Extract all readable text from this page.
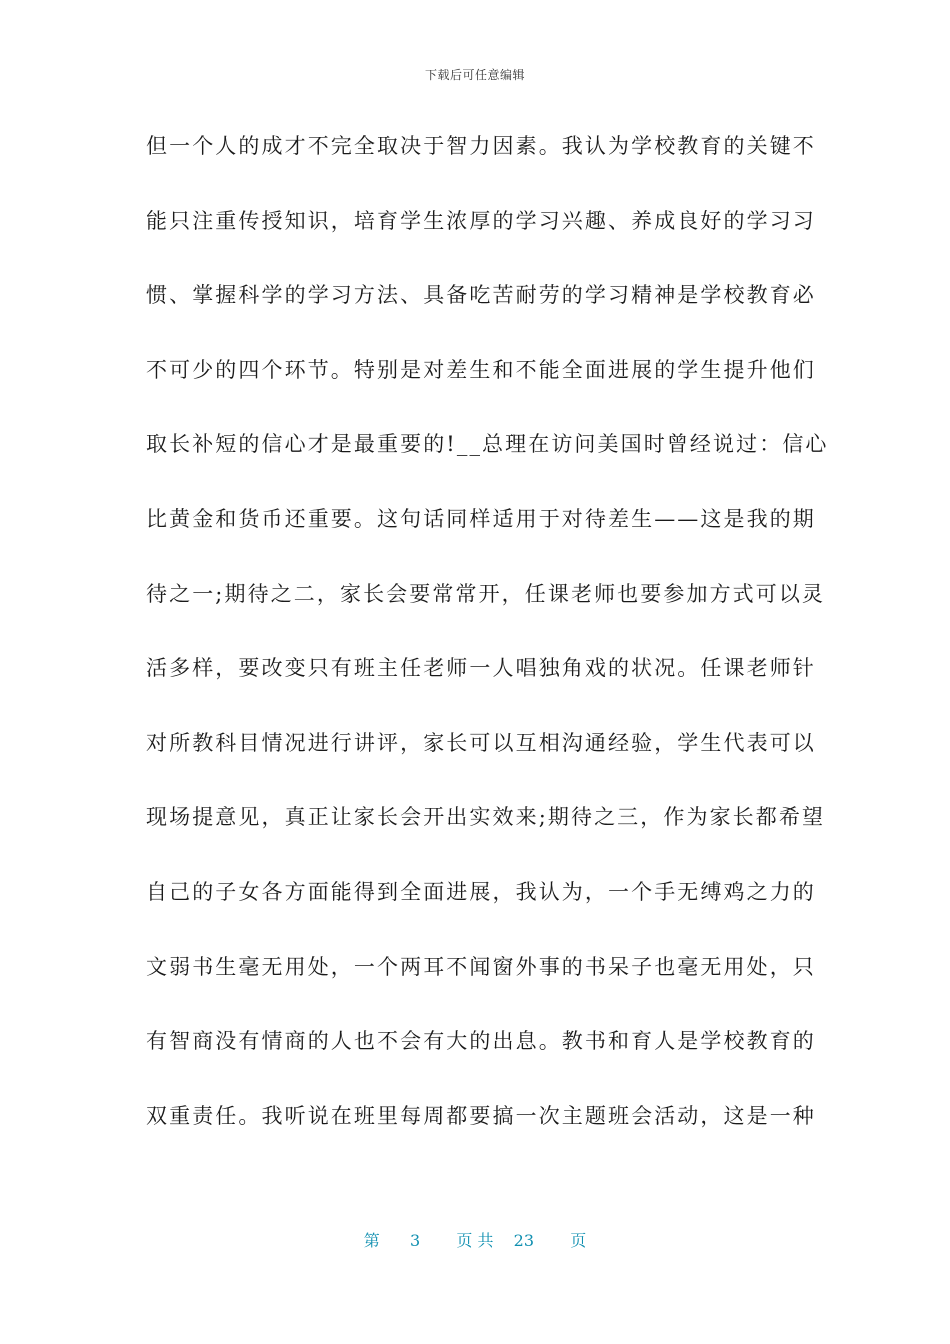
下载后可任意编辑
但一个人的成才不完全取决于智力因素。我认为学校教育的关键不
能只注重传授知识，培育学生浓厚的学习兴趣、养成良好的学习习
惯、掌握科学的学习方法、具备吃苦耐劳的学习精神是学校教育必
不可少的四个环节。特别是对差生和不能全面进展的学生提升他们
取长补短的信心才是最重要的!__总理在访问美国时曾经说过：信心
比黄金和货币还重要。这句话同样适用于对待差生——这是我的期
待之一;期待之二，家长会要常常开，任课老师也要参加方式可以灵
活多样，要改变只有班主任老师一人唱独角戏的状况。任课老师针
对所教科目情况进行讲评，家长可以互相沟通经验，学生代表可以
现场提意见，真正让家长会开出实效来;期待之三，作为家长都希望
自己的子女各方面能得到全面进展，我认为，一个手无缚鸡之力的
文弱书生毫无用处，一个两耳不闻窗外事的书呆子也毫无用处，只
有智商没有情商的人也不会有大的出息。教书和育人是学校教育的
双重责任。我听说在班里每周都要搞一次主题班会活动，这是一种
第 3 页 共 23 页
